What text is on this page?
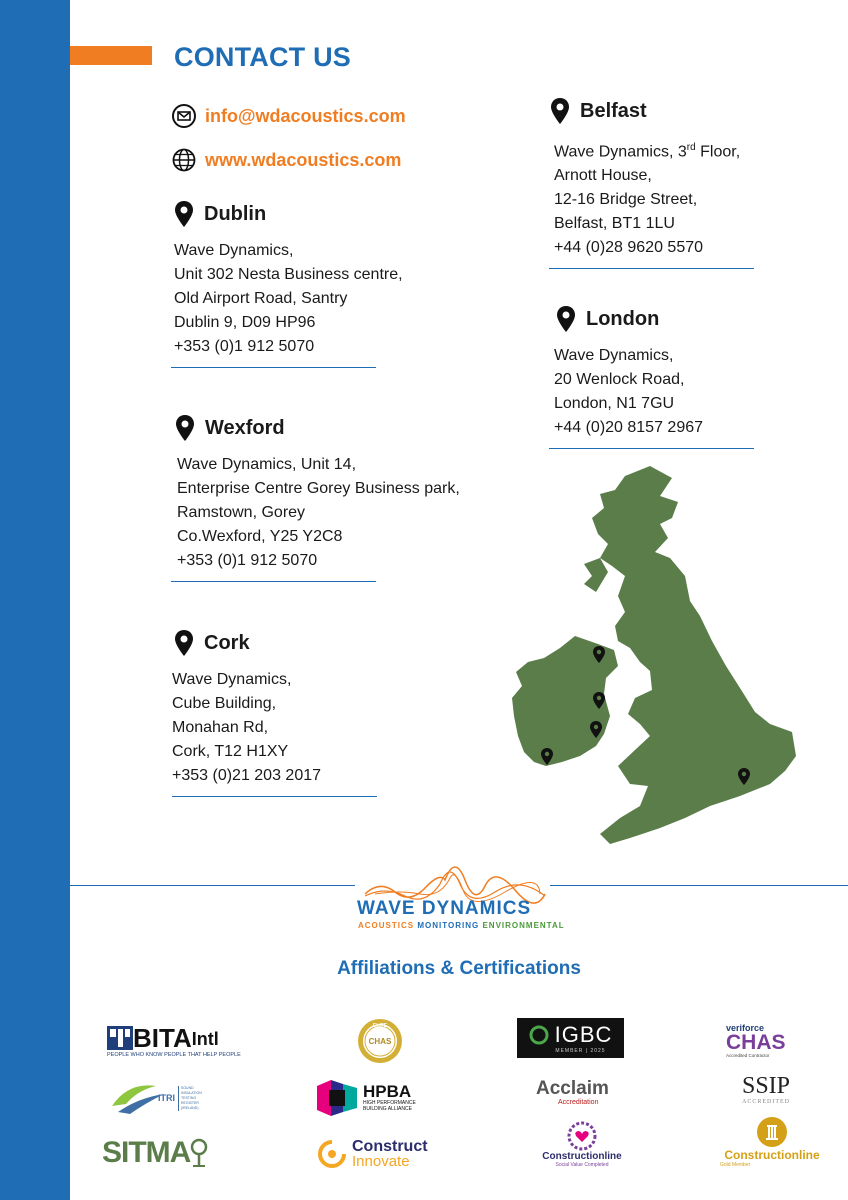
CONTACT US
info@wdacoustics.com
www.wdacoustics.com
Dublin
Wave Dynamics,
Unit 302 Nesta Business centre,
Old Airport Road, Santry
Dublin 9, D09 HP96
+353 (0)1 912 5070
Wexford
Wave Dynamics, Unit 14,
Enterprise Centre Gorey Business park,
Ramstown, Gorey
Co.Wexford, Y25 Y2C8
+353 (0)1 912 5070
Cork
Wave Dynamics,
Cube Building,
Monahan Rd,
Cork, T12 H1XY
+353 (0)21 203 2017
Belfast
Wave Dynamics, 3rd Floor,
Arnott House,
12-16 Bridge Street,
Belfast, BT1 1LU
+44 (0)28 9620 5570
London
Wave Dynamics,
20 Wenlock Road,
London, N1 7GU
+44 (0)20 8157 2967
WAVE DYNAMICS
ACOUSTICS MONITORING ENVIRONMENTAL
Affiliations & Certifications
BITA Intl
PEOPLE WHO KNOW PEOPLE THAT HELP PEOPLE
ELITE
CHAS	IGBC
MEMBER | 2025
veriforce
CHAS
Accredited Contractor
ITRI
SOUND
INSULATION
TESTING
REGISTER
(IRELAND)
HPBA
HIGH PERFORMANCE
BUILDING ALLIANCE
Acclaim
Accreditation
SSIP
ACCREDITED
SITMA	Construct
Innovate	Constructionline
Social Value Completed
Constructionline
Gold Member
